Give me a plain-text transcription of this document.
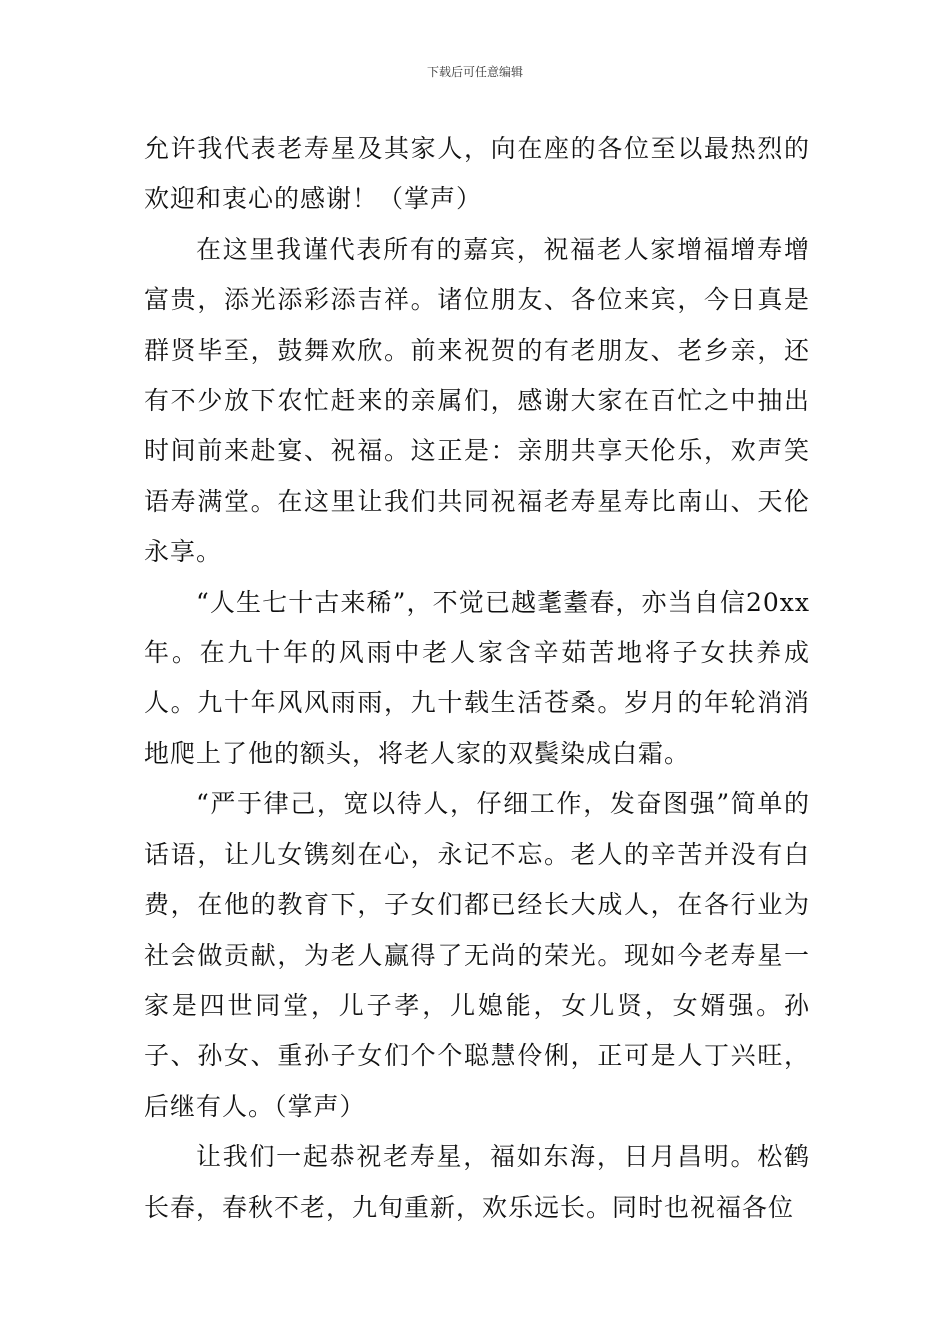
下载后可任意编辑

允许我代表老寿星及其家人，向在座的各位至以最热烈的欢迎和衷心的感谢！（掌声）

在这里我谨代表所有的嘉宾，祝福老人家增福增寿增富贵，添光添彩添吉祥。诸位朋友、各位来宾，今日真是群贤毕至，鼓舞欢欣。前来祝贺的有老朋友、老乡亲，还有不少放下农忙赶来的亲属们，感谢大家在百忙之中抽出时间前来赴宴、祝福。这正是：亲朋共享天伦乐，欢声笑语寿满堂。在这里让我们共同祝福老寿星寿比南山、天伦永享。

“人生七十古来稀”，不觉已越耄耋春，亦当自信20xx年。在九十年的风雨中老人家含辛茹苦地将子女扶养成人。九十年风风雨雨，九十载生活苍桑。岁月的年轮消消地爬上了他的额头，将老人家的双鬓染成白霜。

“严于律己，宽以待人，仔细工作，发奋图强”简单的话语，让儿女镌刻在心，永记不忘。老人的辛苦并没有白费，在他的教育下，子女们都已经长大成人，在各行业为社会做贡献，为老人赢得了无尚的荣光。现如今老寿星一家是四世同堂，儿子孝，儿媳能，女儿贤，女婿强。孙子、孙女、重孙子女们个个聪慧伶俐，正可是人丁兴旺，后继有人。（掌声）

让我们一起恭祝老寿星，福如东海，日月昌明。松鹤长春，春秋不老，九旬重新，欢乐远长。同时也祝福各位
